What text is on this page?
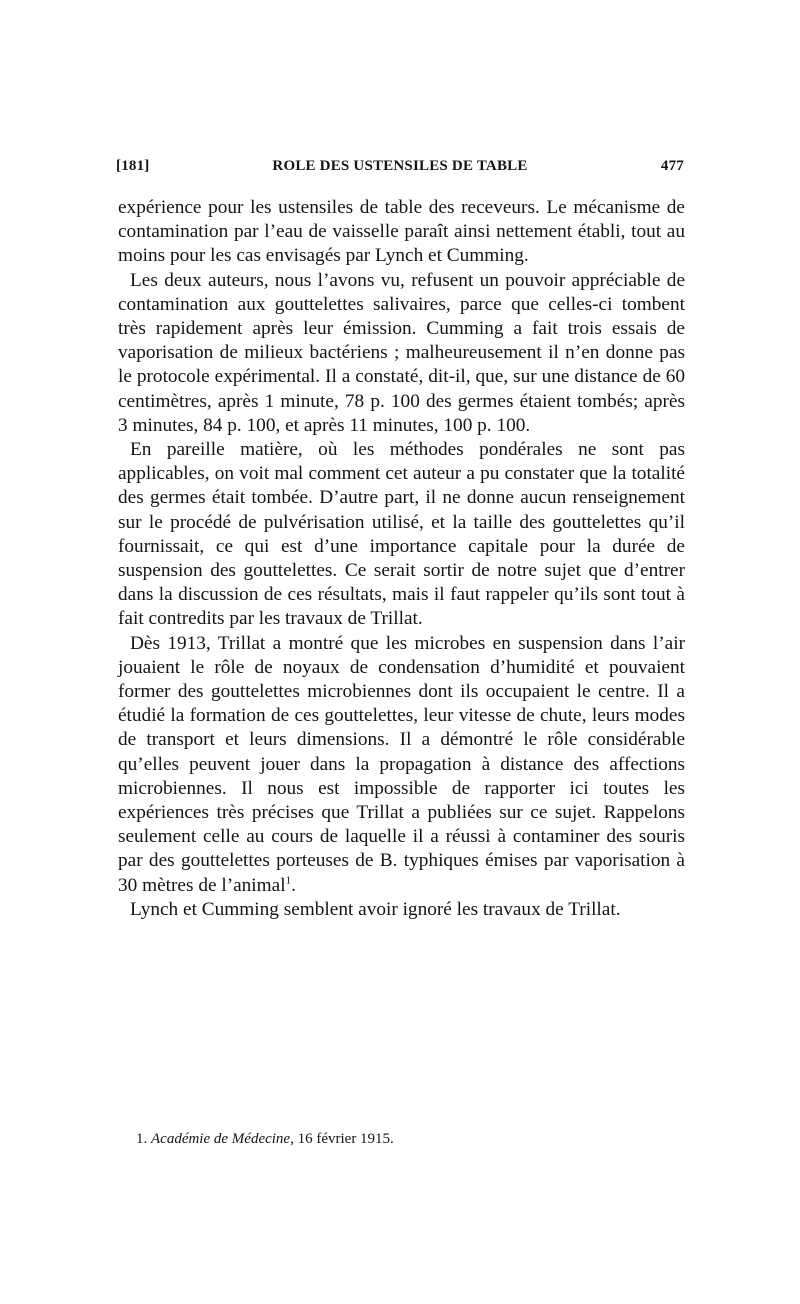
[181]	ROLE DES USTENSILES DE TABLE	477

expérience pour les ustensiles de table des receveurs. Le mécanisme de contamination par l’eau de vaisselle paraît ainsi nettement établi, tout au moins pour les cas envisagés par Lynch et Cumming.

Les deux auteurs, nous l’avons vu, refusent un pouvoir appréciable de contamination aux gouttelettes salivaires, parce que celles-ci tombent très rapidement après leur émission. Cumming a fait trois essais de vaporisation de milieux bactériens ; malheureusement il n’en donne pas le protocole expérimental. Il a constaté, dit-il, que, sur une distance de 60 centimètres, après 1 minute, 78 p. 100 des germes étaient tombés; après 3 minutes, 84 p. 100, et après 11 minutes, 100 p. 100.

En pareille matière, où les méthodes pondérales ne sont pas applicables, on voit mal comment cet auteur a pu constater que la totalité des germes était tombée. D’autre part, il ne donne aucun renseignement sur le procédé de pulvérisation utilisé, et la taille des gouttelettes qu’il fournissait, ce qui est d’une importance capitale pour la durée de suspension des gouttelettes. Ce serait sortir de notre sujet que d’entrer dans la discussion de ces résultats, mais il faut rappeler qu’ils sont tout à fait contredits par les travaux de Trillat.

Dès 1913, Trillat a montré que les microbes en suspension dans l’air jouaient le rôle de noyaux de condensation d’humidité et pouvaient former des gouttelettes microbiennes dont ils occupaient le centre. Il a étudié la formation de ces gouttelettes, leur vitesse de chute, leurs modes de transport et leurs dimensions. Il a démontré le rôle considérable qu’elles peuvent jouer dans la propagation à distance des affections microbiennes. Il nous est impossible de rapporter ici toutes les expériences très précises que Trillat a publiées sur ce sujet. Rappelons seulement celle au cours de laquelle il a réussi à contaminer des souris par des gouttelettes porteuses de B. typhiques émises par vaporisation à 30 mètres de l’animal$^1$.

Lynch et Cumming semblent avoir ignoré les travaux de Trillat.

1. Académie de Médecine, 16 février 1915.
